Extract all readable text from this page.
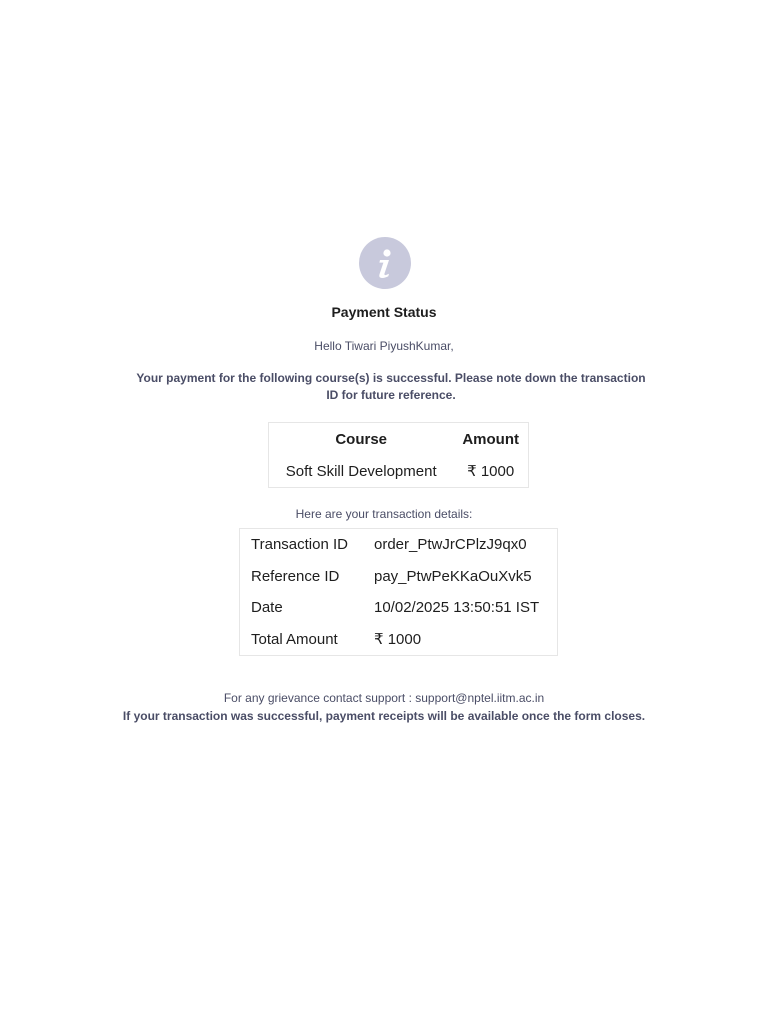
Payment Status
Hello Tiwari PiyushKumar,
Your payment for the following course(s) is successful. Please note down the transaction ID for future reference.
Course	Amount
Soft Skill Development	₹ 1000
Here are your transaction details:
Transaction ID	order_PtwJrCPlzJ9qx0
Reference ID	pay_PtwPeKKaOuXvk5
Date	10/02/2025 13:50:51 IST
Total Amount	₹ 1000
For any grievance contact support : support@nptel.iitm.ac.in
If your transaction was successful, payment receipts will be available once the form closes.
